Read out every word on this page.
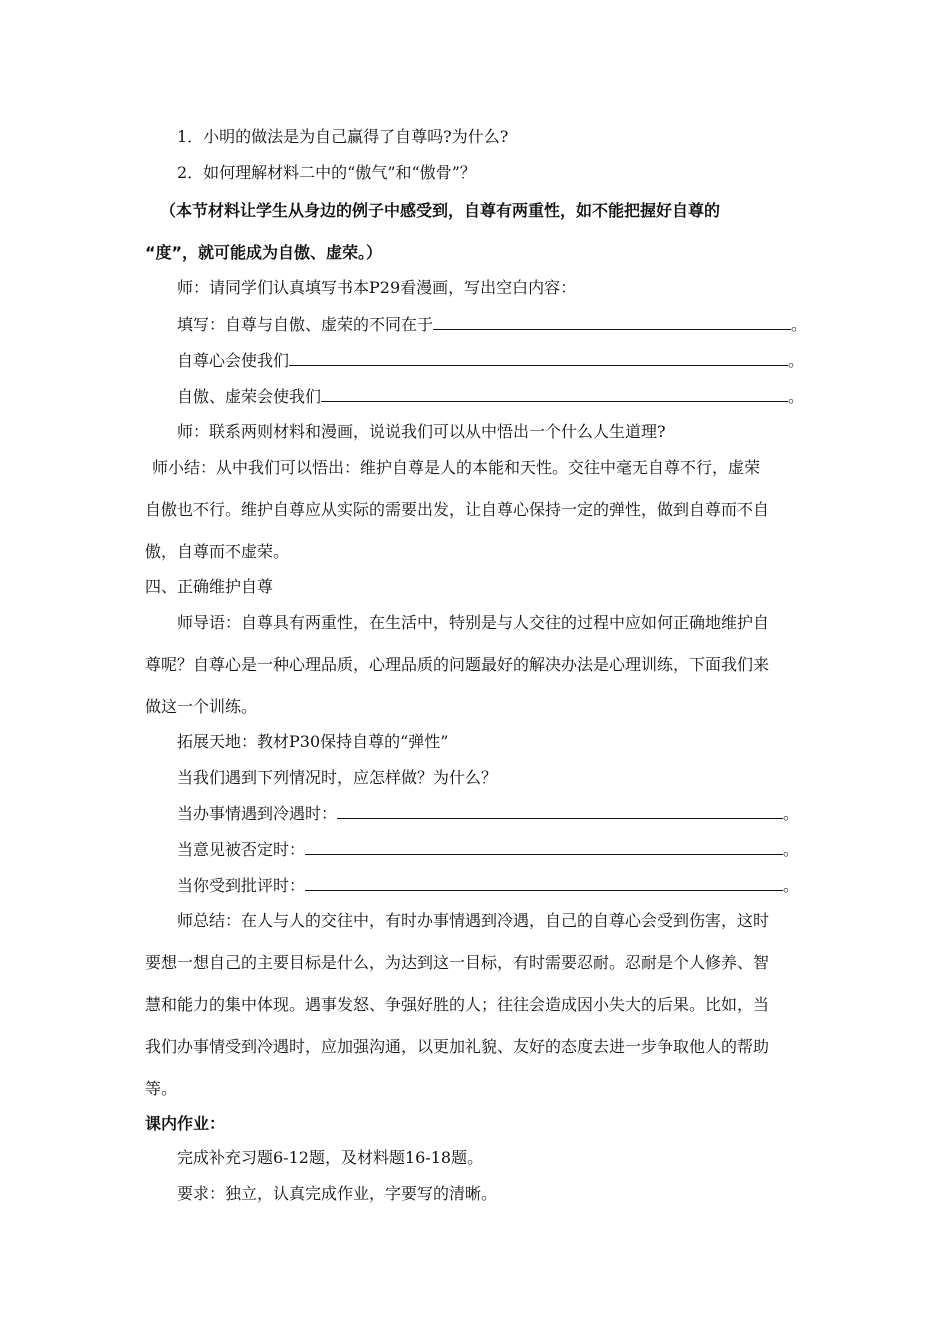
1．小明的做法是为自己赢得了自尊吗?为什么?
2．如何理解材料二中的“傲气”和“傲骨”？
（本节材料让学生从身边的例子中感受到，自尊有两重性，如不能把握好自尊的
“度”，就可能成为自傲、虚荣。）
师：请同学们认真填写书本P29看漫画，写出空白内容：
填写：自尊与自傲、虚荣的不同在于	。
自尊心会使我们	。
自傲、虚荣会使我们	。
师：联系两则材料和漫画，说说我们可以从中悟出一个什么人生道理?
师小结：从中我们可以悟出：维护自尊是人的本能和天性。交往中毫无自尊不行，虚荣
自傲也不行。维护自尊应从实际的需要出发，让自尊心保持一定的弹性，做到自尊而不自
傲，自尊而不虚荣。
四、正确维护自尊
师导语：自尊具有两重性，在生活中，特别是与人交往的过程中应如何正确地维护自
尊呢？自尊心是一种心理品质，心理品质的问题最好的解决办法是心理训练，下面我们来
做这一个训练。
拓展天地：教材P30保持自尊的“弹性”
当我们遇到下列情况时，应怎样做？为什么？
当办事情遇到冷遇时：	。
当意见被否定时：	。
当你受到批评时：	。
师总结：在人与人的交往中，有时办事情遇到冷遇，自己的自尊心会受到伤害，这时
要想一想自己的主要目标是什么，为达到这一目标，有时需要忍耐。忍耐是个人修养、智
慧和能力的集中体现。遇事发怒、争强好胜的人；往往会造成因小失大的后果。比如，当
我们办事情受到冷遇时，应加强沟通，以更加礼貌、友好的态度去进一步争取他人的帮助
等。
课内作业：
完成补充习题6-12题，及材料题16-18题。
要求：独立，认真完成作业，字要写的清晰。
